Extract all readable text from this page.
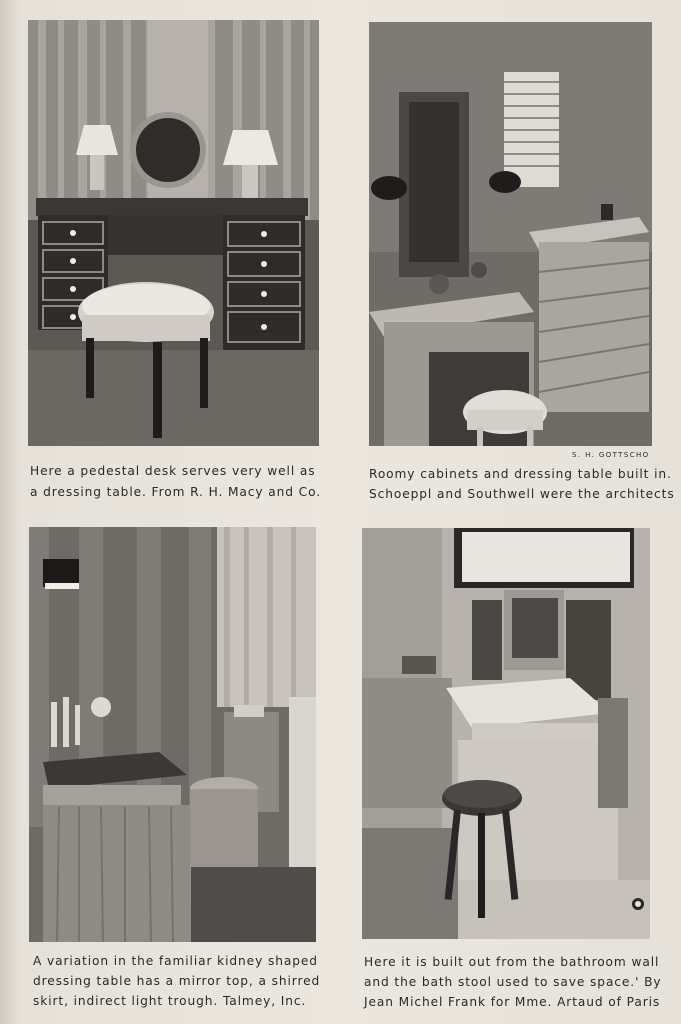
Here a pedestal desk serves very well as
a dressing table. From R. H. Macy and Co.
S. H. GOTTSCHO
Roomy cabinets and dressing table built in.
Schoeppl and Southwell were the architects
A variation in the familiar kidney shaped
dressing table has a mirror top, a shirred
skirt, indirect light trough. Talmey, Inc.
Here it is built out from the bathroom wall
and the bath stool used to save space.' By
Jean Michel Frank for Mme. Artaud of Paris
